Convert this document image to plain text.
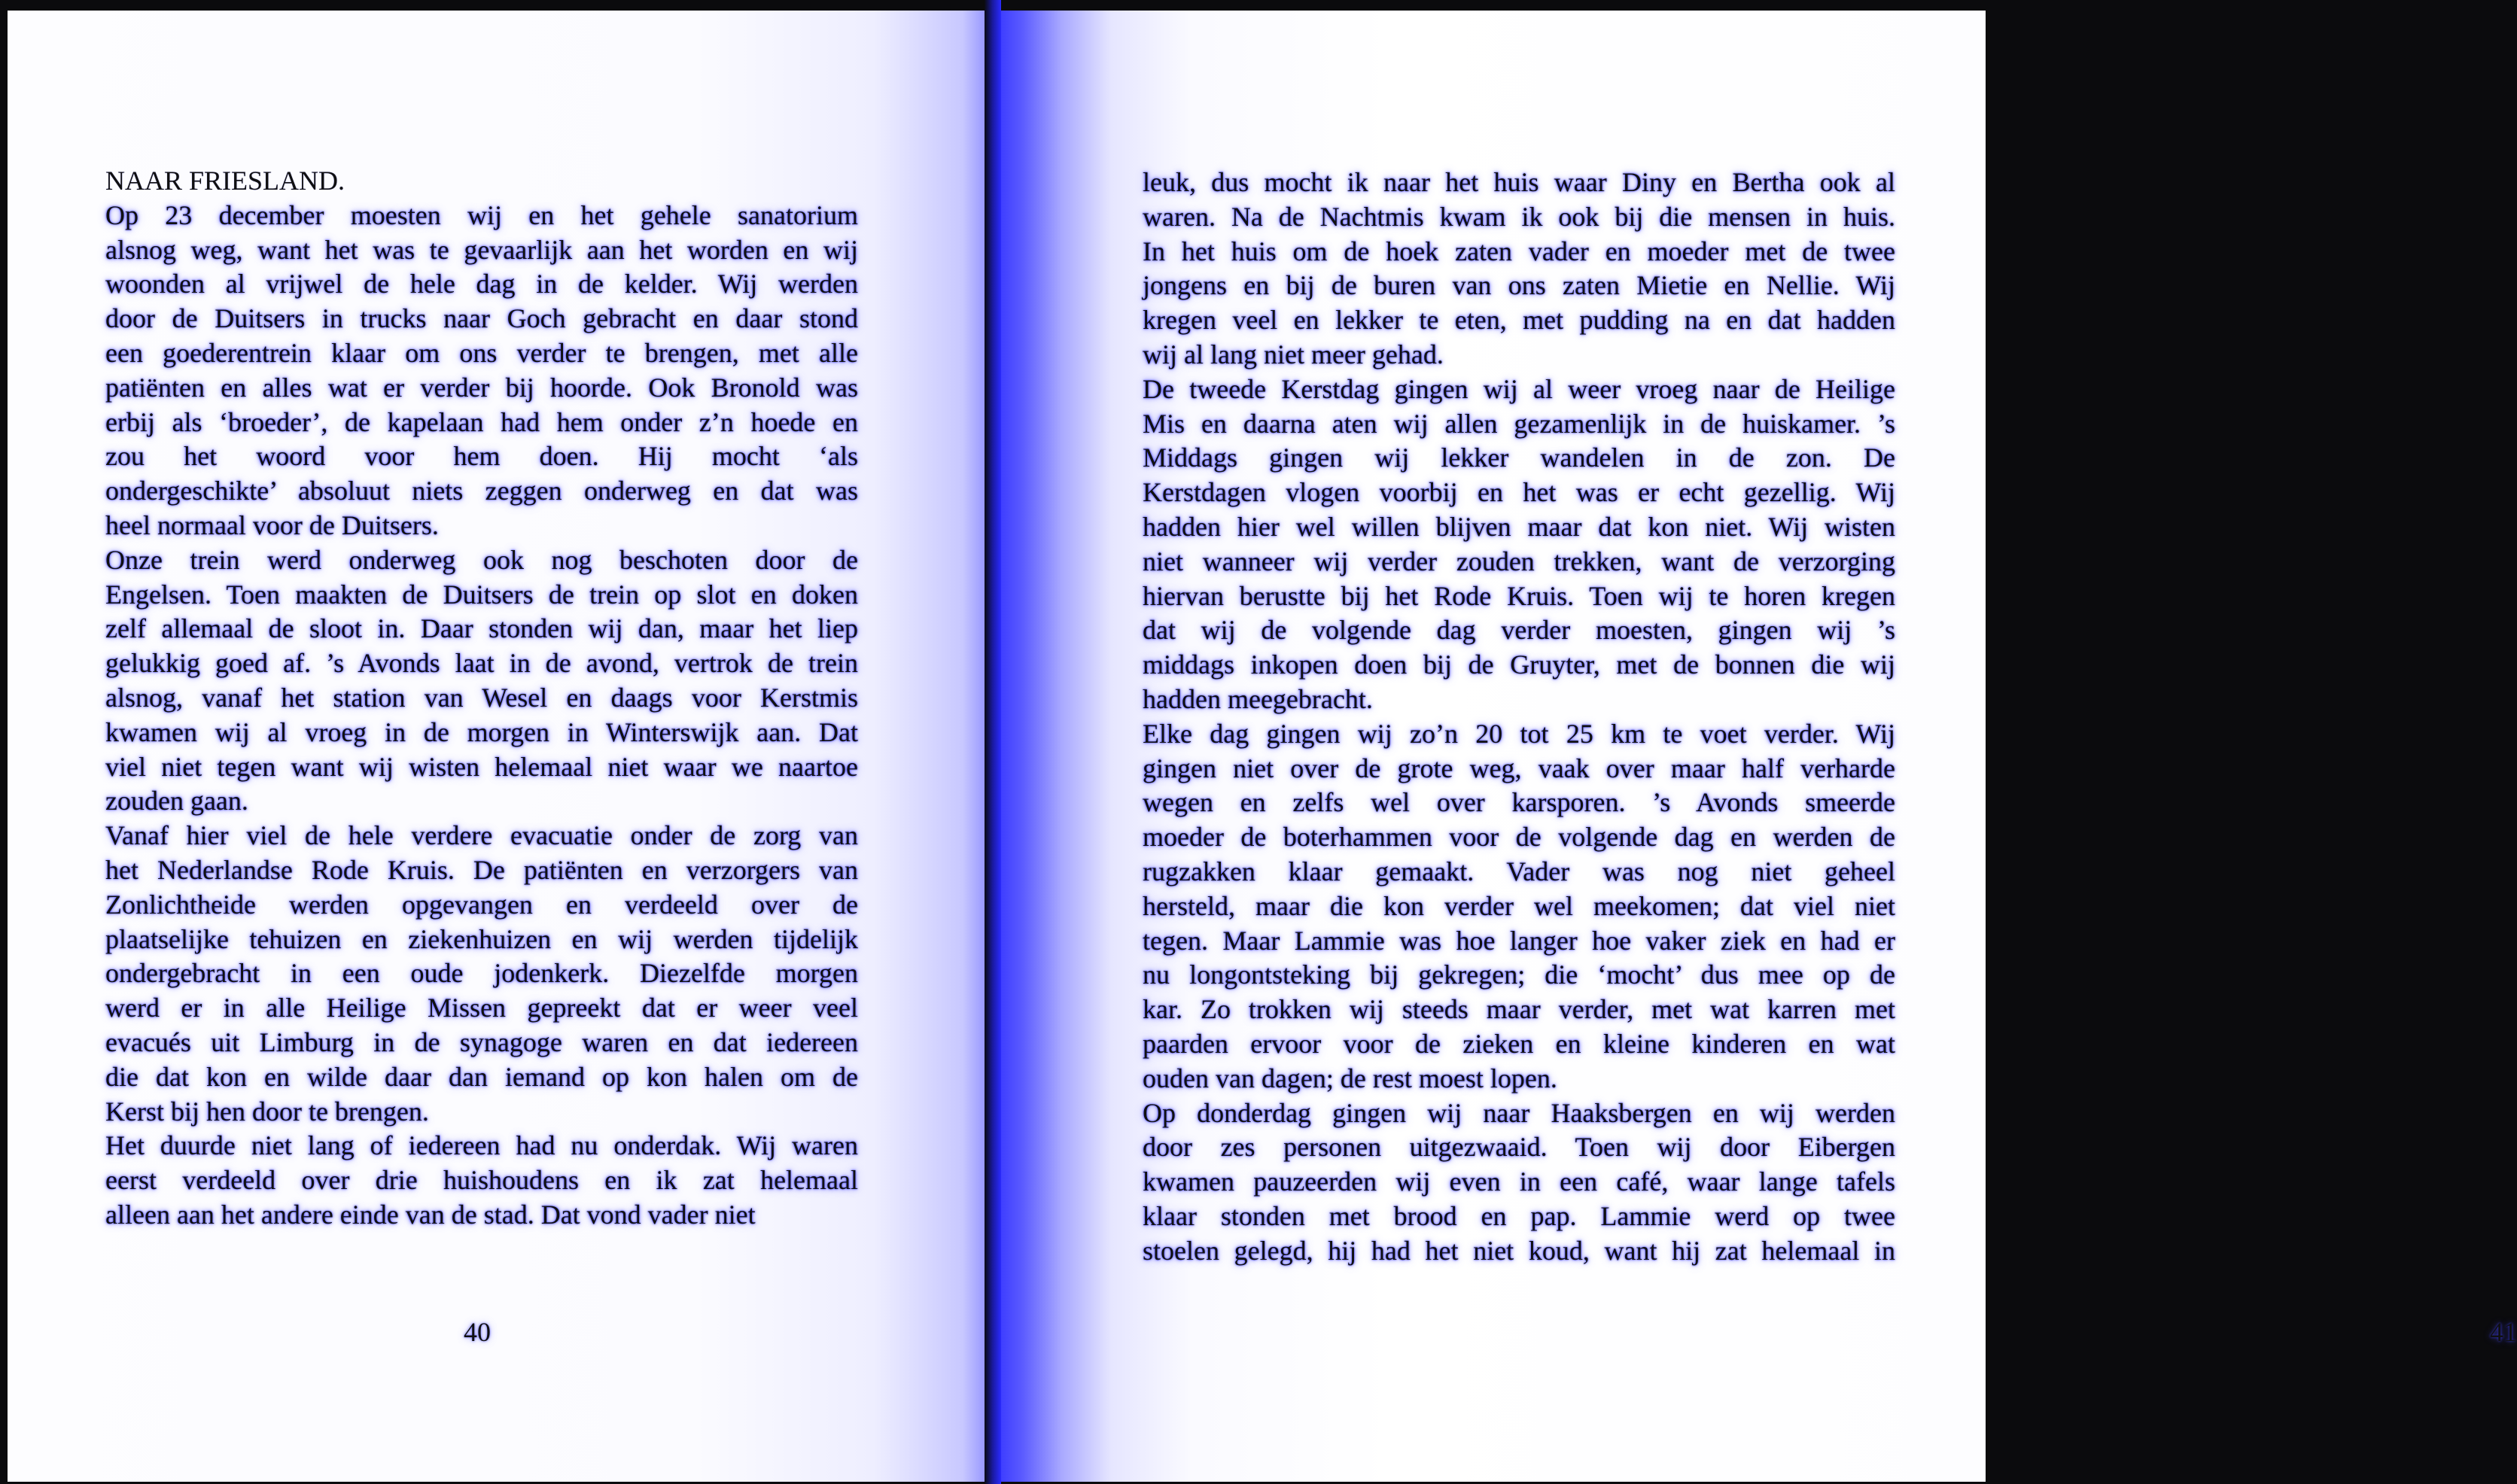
NAAR FRIESLAND.
Op 23 december moesten wij en het gehele sanatorium
alsnog weg, want het was te gevaarlijk aan het worden en wij
woonden al vrijwel de hele dag in de kelder. Wij werden
door de Duitsers in trucks naar Goch gebracht en daar stond
een goederentrein klaar om ons verder te brengen, met alle
patiënten en alles wat er verder bij hoorde. Ook Bronold was
erbij als ‘broeder’, de kapelaan had hem onder z’n hoede en
zou het woord voor hem doen. Hij mocht ‘als
ondergeschikte’ absoluut niets zeggen onderweg en dat was
heel normaal voor de Duitsers.
Onze trein werd onderweg ook nog beschoten door de
Engelsen. Toen maakten de Duitsers de trein op slot en doken
zelf allemaal de sloot in. Daar stonden wij dan, maar het liep
gelukkig goed af. ’s Avonds laat in de avond, vertrok de trein
alsnog, vanaf het station van Wesel en daags voor Kerstmis
kwamen wij al vroeg in de morgen in Winterswijk aan. Dat
viel niet tegen want wij wisten helemaal niet waar we naartoe
zouden gaan.
Vanaf hier viel de hele verdere evacuatie onder de zorg van
het Nederlandse Rode Kruis. De patiënten en verzorgers van
Zonlichtheide werden opgevangen en verdeeld over de
plaatselijke tehuizen en ziekenhuizen en wij werden tijdelijk
ondergebracht in een oude jodenkerk. Diezelfde morgen
werd er in alle Heilige Missen gepreekt dat er weer veel
evacués uit Limburg in de synagoge waren en dat iedereen
die dat kon en wilde daar dan iemand op kon halen om de
Kerst bij hen door te brengen.
Het duurde niet lang of iedereen had nu onderdak. Wij waren
eerst verdeeld over drie huishoudens en ik zat helemaal
alleen aan het andere einde van de stad. Dat vond vader niet
40
leuk, dus mocht ik naar het huis waar Diny en Bertha ook al
waren. Na de Nachtmis kwam ik ook bij die mensen in huis.
In het huis om de hoek zaten vader en moeder met de twee
jongens en bij de buren van ons zaten Mietie en Nellie. Wij
kregen veel en lekker te eten, met pudding na en dat hadden
wij al lang niet meer gehad.
De tweede Kerstdag gingen wij al weer vroeg naar de Heilige
Mis en daarna aten wij allen gezamenlijk in de huiskamer. ’s
Middags gingen wij lekker wandelen in de zon. De
Kerstdagen vlogen voorbij en het was er echt gezellig. Wij
hadden hier wel willen blijven maar dat kon niet. Wij wisten
niet wanneer wij verder zouden trekken, want de verzorging
hiervan berustte bij het Rode Kruis. Toen wij te horen kregen
dat wij de volgende dag verder moesten, gingen wij ’s
middags inkopen doen bij de Gruyter, met de bonnen die wij
hadden meegebracht.
Elke dag gingen wij zo’n 20 tot 25 km te voet verder. Wij
gingen niet over de grote weg, vaak over maar half verharde
wegen en zelfs wel over karsporen. ’s Avonds smeerde
moeder de boterhammen voor de volgende dag en werden de
rugzakken klaar gemaakt. Vader was nog niet geheel
hersteld, maar die kon verder wel meekomen; dat viel niet
tegen. Maar Lammie was hoe langer hoe vaker ziek en had er
nu longontsteking bij gekregen; die ‘mocht’ dus mee op de
kar. Zo trokken wij steeds maar verder, met wat karren met
paarden ervoor voor de zieken en kleine kinderen en wat
ouden van dagen; de rest moest lopen.
Op donderdag gingen wij naar Haaksbergen en wij werden
door zes personen uitgezwaaid. Toen wij door Eibergen
kwamen pauzeerden wij even in een café, waar lange tafels
klaar stonden met brood en pap. Lammie werd op twee
stoelen gelegd, hij had het niet koud, want hij zat helemaal in
41
